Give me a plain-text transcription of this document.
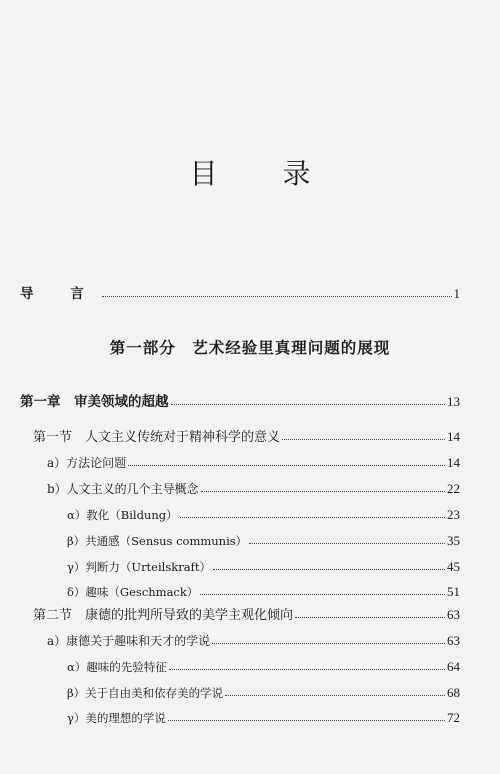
目 录
导 言	1
第一部分　艺术经验里真理问题的展现
第一章　审美领域的超越	13
第一节　人文主义传统对于精神科学的意义	14
a）方法论问题	14
b）人文主义的几个主导概念	22
α）教化（Bildung）	23
β）共通感（Sensus communis）	35
γ）判断力（Urteilskraft）	45
δ）趣味（Geschmack）	51
第二节　康德的批判所导致的美学主观化倾向	63
a）康德关于趣味和天才的学说	63
α）趣味的先验特征	64
β）关于自由美和依存美的学说	68
γ）美的理想的学说	72
